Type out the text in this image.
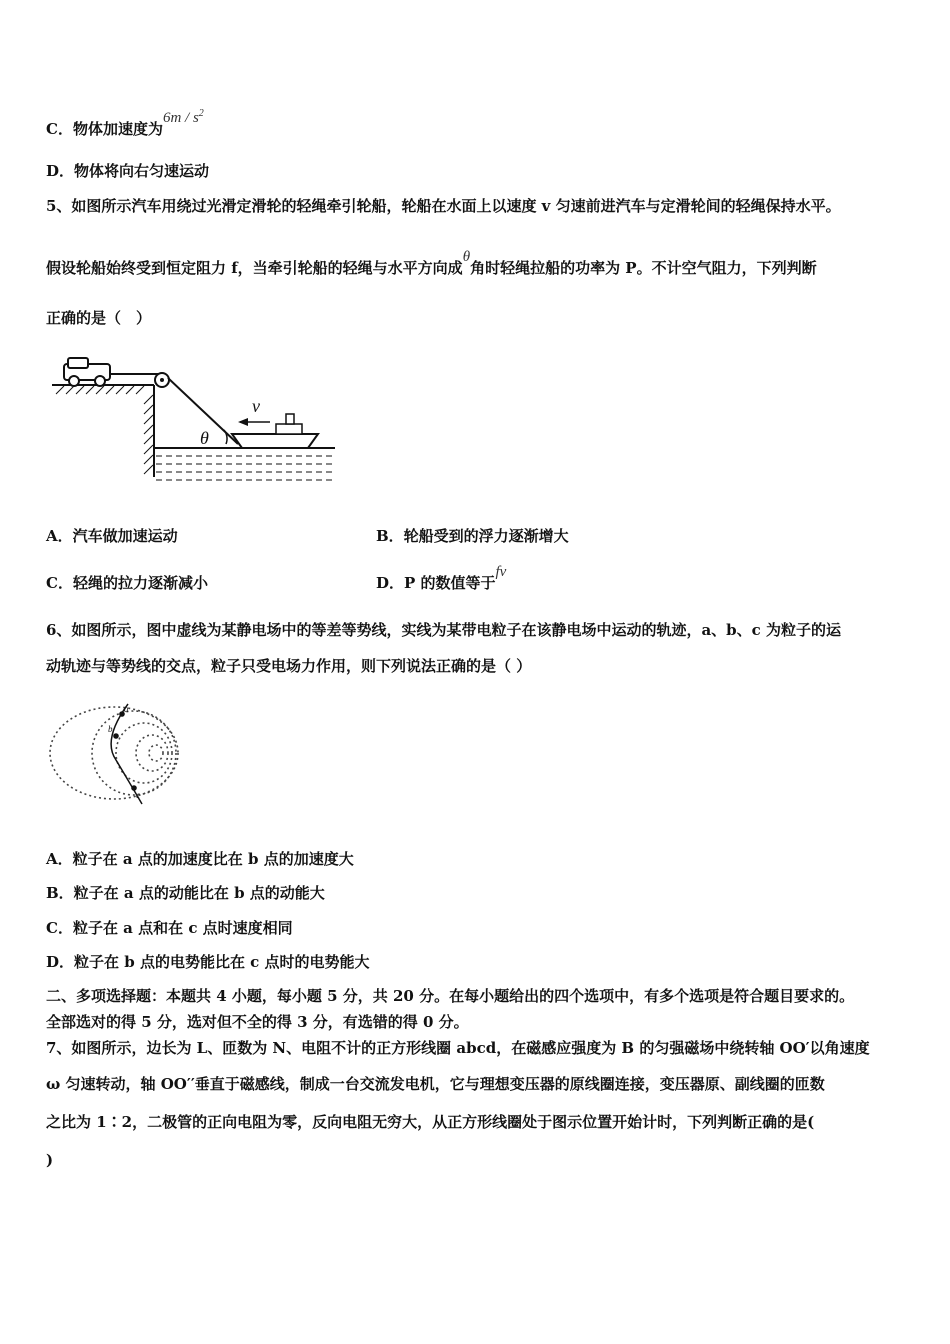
C．物体加速度为$6m / s^2$
D．物体将向右匀速运动
5、如图所示汽车用绕过光滑定滑轮的轻绳牵引轮船，轮船在水面上以速度 v 匀速前进汽车与定滑轮间的轻绳保持水平。
假设轮船始终受到恒定阻力 f，当牵引轮船的轻绳与水平方向成θ角时轻绳拉船的功率为 P。不计空气阻力，下列判断
正确的是（　）
θ
v
A．汽车做加速运动	B．轮船受到的浮力逐渐增大
C．轻绳的拉力逐渐减小	D．P 的数值等于fv
6、如图所示，图中虚线为某静电场中的等差等势线，实线为某带电粒子在该静电场中运动的轨迹，a、b、c 为粒子的运
动轨迹与等势线的交点，粒子只受电场力作用，则下列说法正确的是（ ）
a
b
c
A．粒子在 a 点的加速度比在 b 点的加速度大
B．粒子在 a 点的动能比在 b 点的动能大
C．粒子在 a 点和在 c 点时速度相同
D．粒子在 b 点的电势能比在 c 点时的电势能大
二、多项选择题：本题共 4 小题，每小题 5 分，共 20 分。在每小题给出的四个选项中，有多个选项是符合题目要求的。
全部选对的得 5 分，选对但不全的得 3 分，有选错的得 0 分。
7、如图所示，边长为 L、匝数为 N、电阻不计的正方形线圈 abcd，在磁感应强度为 B 的匀强磁场中绕转轴 OO′以角速度
ω 匀速转动，轴 OO′′垂直于磁感线，制成一台交流发电机，它与理想变压器的原线圈连接，变压器原、副线圈的匝数
之比为 1∶2，二极管的正向电阻为零，反向电阻无穷大，从正方形线圈处于图示位置开始计时，下列判断正确的是(
)
